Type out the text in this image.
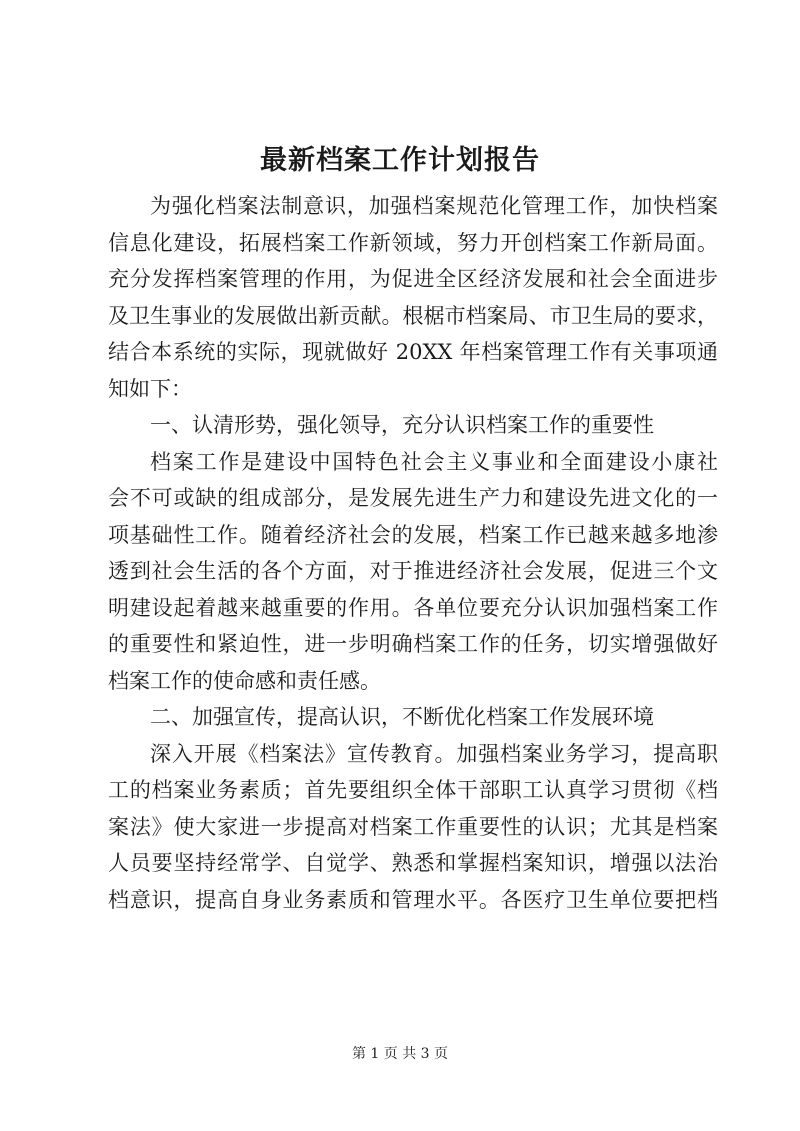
最新档案工作计划报告
为强化档案法制意识，加强档案规范化管理工作，加快档案
信息化建设，拓展档案工作新领域，努力开创档案工作新局面。
充分发挥档案管理的作用，为促进全区经济发展和社会全面进步
及卫生事业的发展做出新贡献。根椐市档案局、市卫生局的要求，
结合本系统的实际，现就做好 20XX 年档案管理工作有关事项通
知如下：
一、认清形势，强化领导，充分认识档案工作的重要性
档案工作是建设中国特色社会主义事业和全面建设小康社
会不可或缺的组成部分，是发展先进生产力和建设先进文化的一
项基础性工作。随着经济社会的发展，档案工作已越来越多地渗
透到社会生活的各个方面，对于推进经济社会发展，促进三个文
明建设起着越来越重要的作用。各单位要充分认识加强档案工作
的重要性和紧迫性，进一步明确档案工作的任务，切实增强做好
档案工作的使命感和责任感。
二、加强宣传，提高认识，不断优化档案工作发展环境
深入开展《档案法》宣传教育。加强档案业务学习，提高职
工的档案业务素质；首先要组织全体干部职工认真学习贯彻《档
案法》使大家进一步提高对档案工作重要性的认识；尤其是档案
人员要坚持经常学、自觉学、熟悉和掌握档案知识，增强以法治
档意识，提高自身业务素质和管理水平。各医疗卫生单位要把档
第 1 页 共 3 页
